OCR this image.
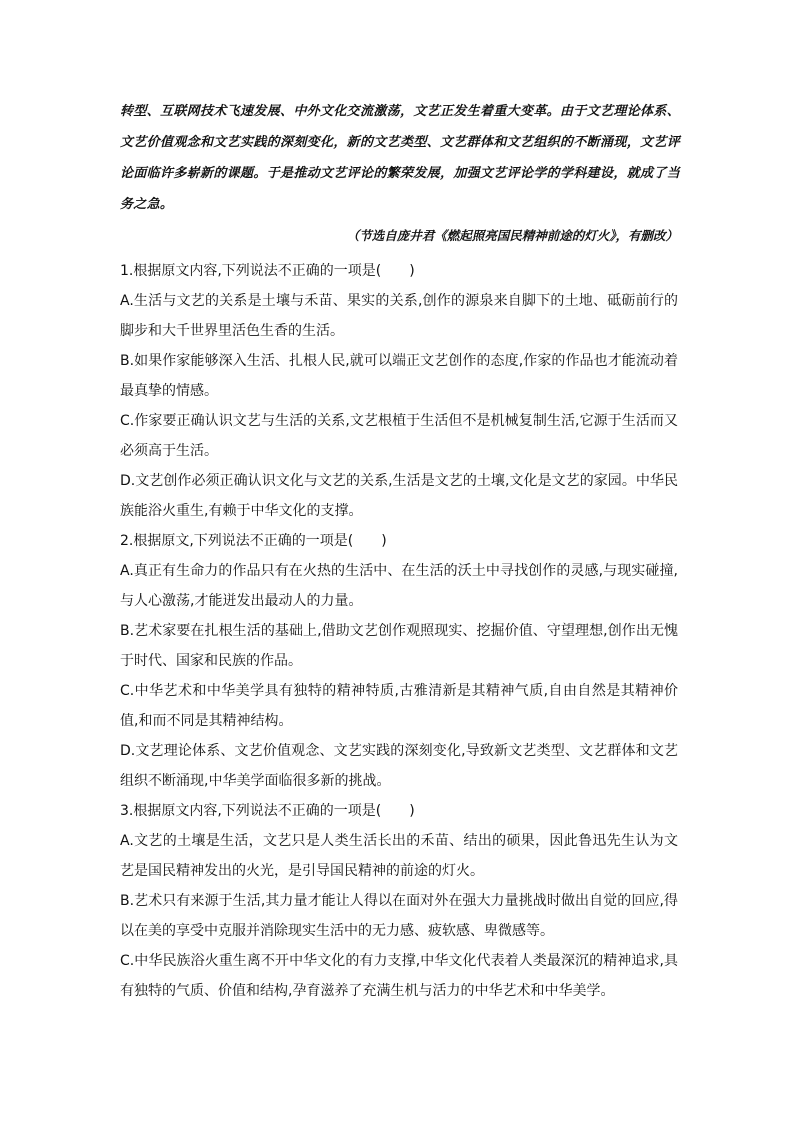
转型、互联网技术飞速发展、中外文化交流激荡，文艺正发生着重大变革。由于文艺理论体系、文艺价值观念和文艺实践的深刻变化，新的文艺类型、文艺群体和文艺组织的不断涌现，文艺评论面临许多崭新的课题。于是推动文艺评论的繁荣发展，加强文艺评论学的学科建设，就成了当务之急。

（节选自庞井君《燃起照亮国民精神前途的灯火》，有删改）

1.根据原文内容,下列说法不正确的一项是(　　)

A.生活与文艺的关系是土壤与禾苗、果实的关系,创作的源泉来自脚下的土地、砥砺前行的脚步和大千世界里活色生香的生活。

B.如果作家能够深入生活、扎根人民,就可以端正文艺创作的态度,作家的作品也才能流动着最真挚的情感。

C.作家要正确认识文艺与生活的关系,文艺根植于生活但不是机械复制生活,它源于生活而又必须高于生活。

D.文艺创作必须正确认识文化与文艺的关系,生活是文艺的土壤,文化是文艺的家园。中华民族能浴火重生,有赖于中华文化的支撑。

2.根据原文,下列说法不正确的一项是(　　)

A.真正有生命力的作品只有在火热的生活中、在生活的沃土中寻找创作的灵感,与现实碰撞,与人心激荡,才能迸发出最动人的力量。

B.艺术家要在扎根生活的基础上,借助文艺创作观照现实、挖掘价值、守望理想,创作出无愧于时代、国家和民族的作品。

C.中华艺术和中华美学具有独特的精神特质,古雅清新是其精神气质,自由自然是其精神价值,和而不同是其精神结构。

D.文艺理论体系、文艺价值观念、文艺实践的深刻变化,导致新文艺类型、文艺群体和文艺组织不断涌现,中华美学面临很多新的挑战。

3.根据原文内容,下列说法不正确的一项是(　　)

A.文艺的土壤是生活，文艺只是人类生活长出的禾苗、结出的硕果，因此鲁迅先生认为文艺是国民精神发出的火光，是引导国民精神的前途的灯火。

B.艺术只有来源于生活,其力量才能让人得以在面对外在强大力量挑战时做出自觉的回应,得以在美的享受中克服并消除现实生活中的无力感、疲软感、卑微感等。

C.中华民族浴火重生离不开中华文化的有力支撑,中华文化代表着人类最深沉的精神追求,具有独特的气质、价值和结构,孕育滋养了充满生机与活力的中华艺术和中华美学。
